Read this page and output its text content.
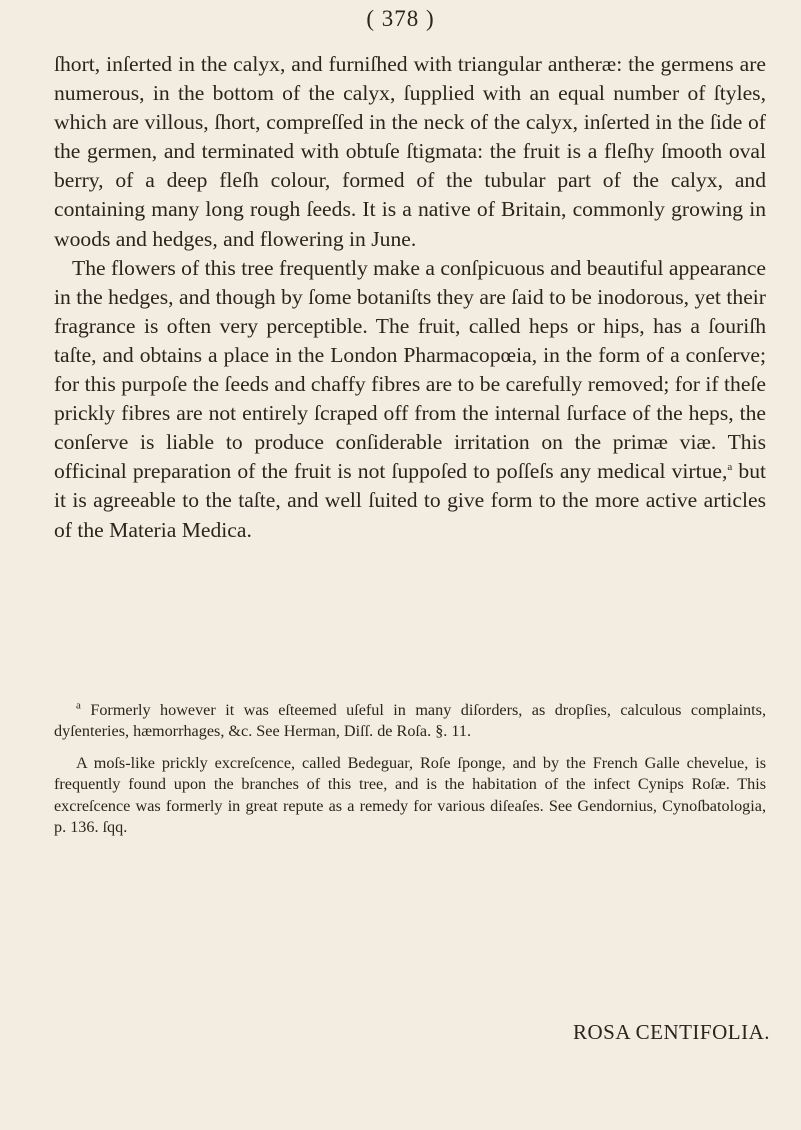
( 378 )

ſhort, inſerted in the calyx, and furniſhed with triangular antheræ: the germens are numerous, in the bottom of the calyx, ſupplied with an equal number of ſtyles, which are villous, ſhort, compreſſed in the neck of the calyx, inſerted in the ſide of the germen, and terminated with obtuſe ſtigmata: the fruit is a fleſhy ſmooth oval berry, of a deep fleſh colour, formed of the tubular part of the calyx, and containing many long rough ſeeds. It is a native of Britain, commonly growing in woods and hedges, and flowering in June.

The flowers of this tree frequently make a conſpicuous and beautiful appearance in the hedges, and though by ſome botaniſts they are ſaid to be inodorous, yet their fragrance is often very perceptible. The fruit, called heps or hips, has a ſouriſh taſte, and obtains a place in the London Pharmacopœia, in the form of a conſerve; for this purpoſe the ſeeds and chaffy fibres are to be carefully removed; for if theſe prickly fibres are not entirely ſcraped off from the internal ſurface of the heps, the conſerve is liable to produce conſiderable irritation on the primæ viæ. This officinal preparation of the fruit is not ſuppoſed to poſſeſs any medical virtue,$^a$ but it is agreeable to the taſte, and well ſuited to give form to the more active articles of the Materia Medica.

$^a$ Formerly however it was eſteemed uſeful in many diſorders, as dropſies, calculous complaints, dyſenteries, hæmorrhages, &c. See Herman, Diſſ. de Roſa. §. 11.

A moſs-like prickly excreſcence, called Bedeguar, Roſe ſponge, and by the French Galle chevelue, is frequently found upon the branches of this tree, and is the habitation of the infect Cynips Roſæ. This excreſcence was formerly in great repute as a remedy for various diſeaſes. See Gendornius, Cynoſbatologia, p. 136. ſqq.

ROSA CENTIFOLIA.
